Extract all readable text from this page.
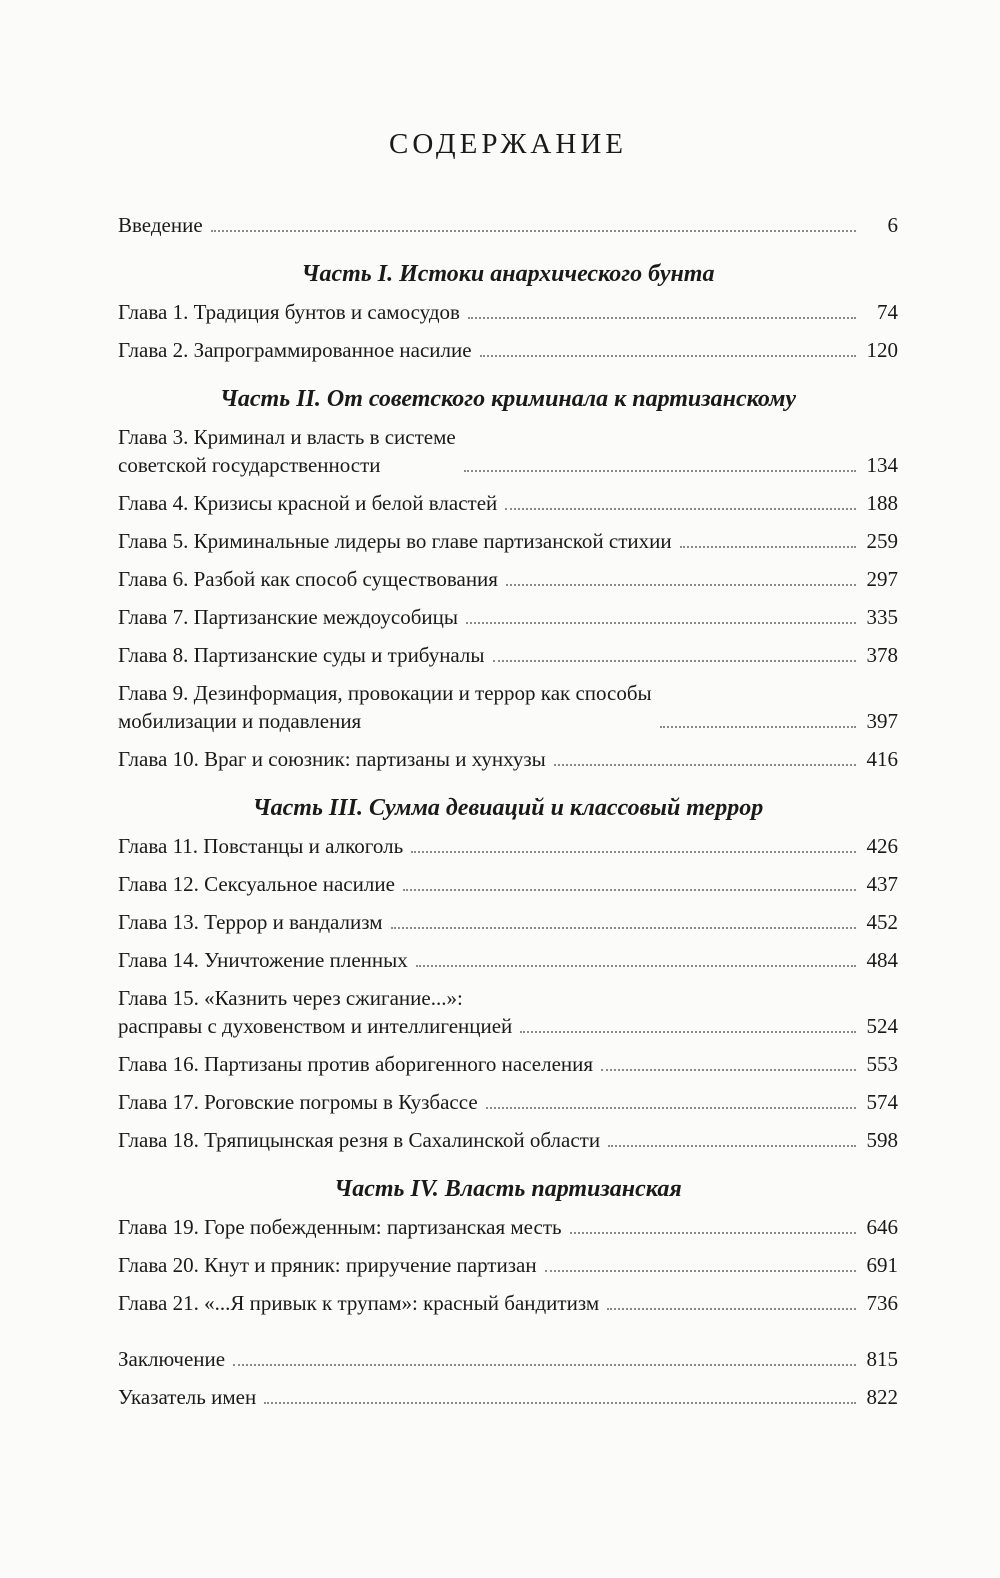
СОДЕРЖАНИЕ
Введение	6
Часть I. Истоки анархического бунта
Глава 1. Традиция бунтов и самосудов	74
Глава 2. Запрограммированное насилие	120
Часть II. От советского криминала к партизанскому
Глава 3. Криминал и власть в системе
советской государственности	134
Глава 4. Кризисы красной и белой властей	188
Глава 5. Криминальные лидеры во главе партизанской стихии	259
Глава 6. Разбой как способ существования	297
Глава 7. Партизанские междоусобицы	335
Глава 8. Партизанские суды и трибуналы	378
Глава 9. Дезинформация, провокации и террор как способы
мобилизации и подавления	397
Глава 10. Враг и союзник: партизаны и хунхузы	416
Часть III. Сумма девиаций и классовый террор
Глава 11. Повстанцы и алкоголь	426
Глава 12. Сексуальное насилие	437
Глава 13. Террор и вандализм	452
Глава 14. Уничтожение пленных	484
Глава 15. «Казнить через сжигание...»:
расправы с духовенством и интеллигенцией	524
Глава 16. Партизаны против аборигенного населения	553
Глава 17. Роговские погромы в Кузбассе	574
Глава 18. Тряпицынская резня в Сахалинской области	598
Часть IV. Власть партизанская
Глава 19. Горе побежденным: партизанская месть	646
Глава 20. Кнут и пряник: приручение партизан	691
Глава 21. «...Я привык к трупам»: красный бандитизм	736
Заключение	815
Указатель имен	822
